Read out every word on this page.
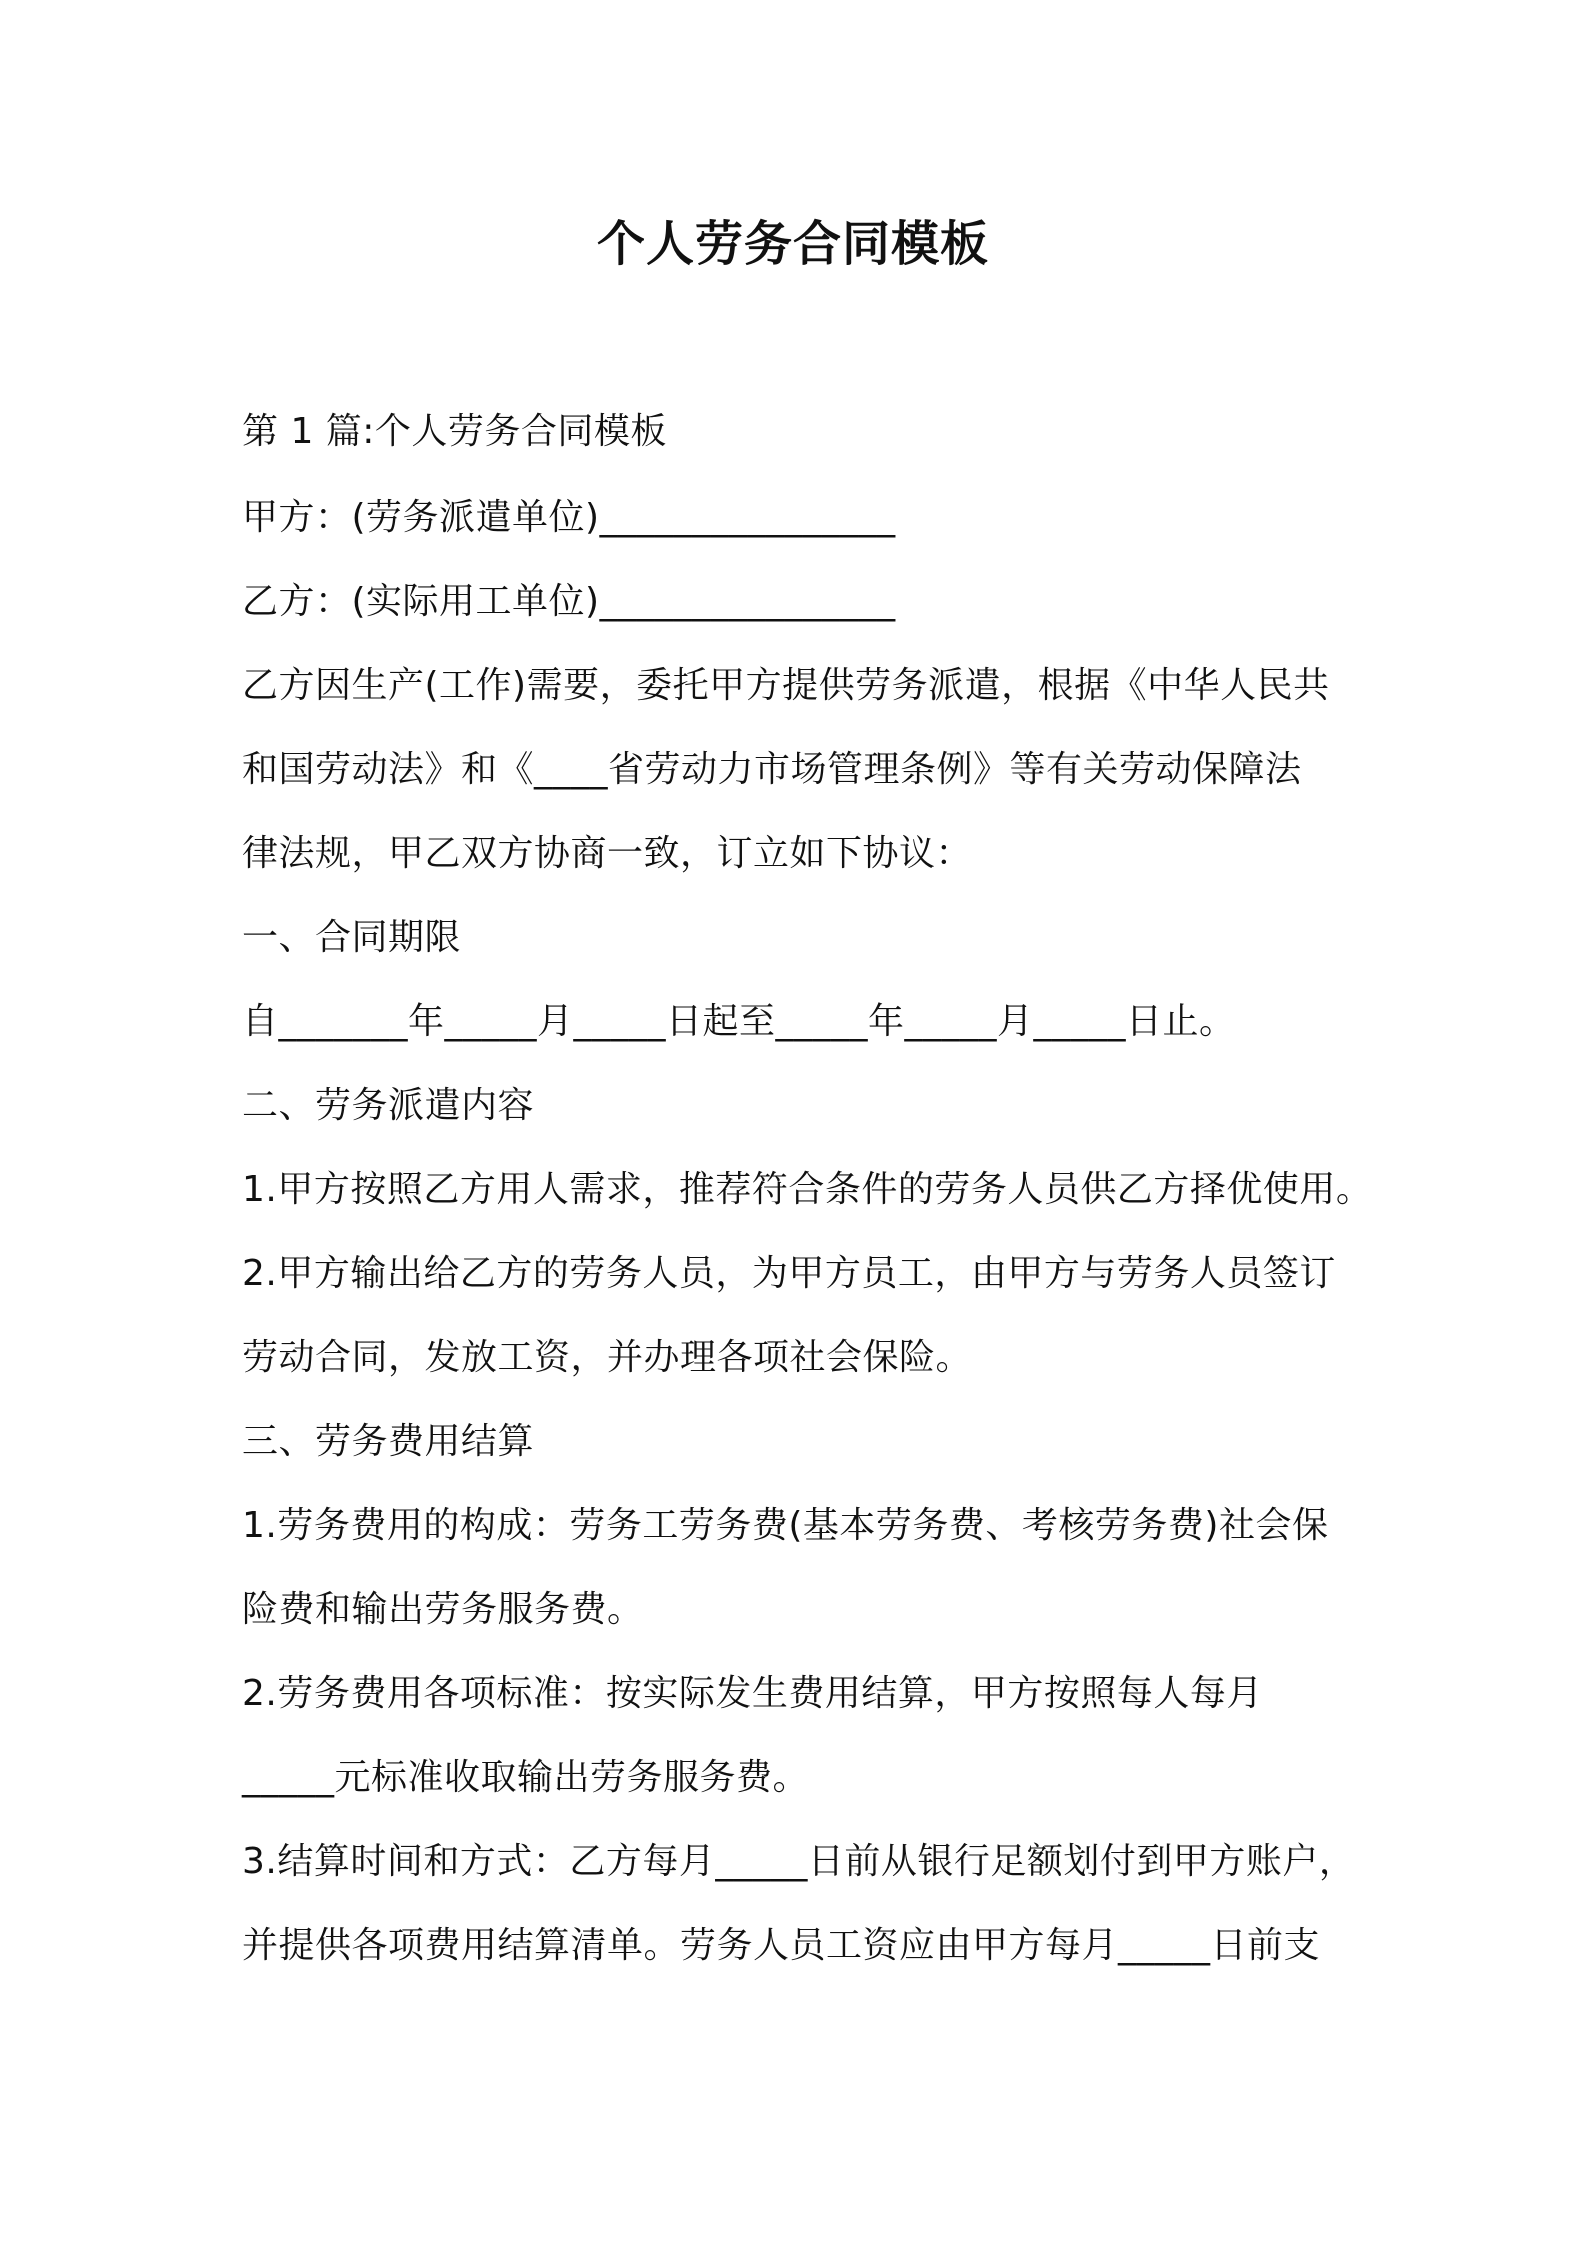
个人劳务合同模板

第 1 篇:个人劳务合同模板

甲方：(劳务派遣单位)________________

乙方：(实际用工单位)________________

乙方因生产(工作)需要，委托甲方提供劳务派遣，根据《中华人民共

和国劳动法》和《____省劳动力市场管理条例》等有关劳动保障法

律法规，甲乙双方协商一致，订立如下协议：

一、合同期限

自_______年_____月_____日起至_____年_____月_____日止。

二、劳务派遣内容

1.甲方按照乙方用人需求，推荐符合条件的劳务人员供乙方择优使用。

2.甲方输出给乙方的劳务人员，为甲方员工，由甲方与劳务人员签订

劳动合同，发放工资，并办理各项社会保险。

三、劳务费用结算

1.劳务费用的构成：劳务工劳务费(基本劳务费、考核劳务费)社会保

险费和输出劳务服务费。

2.劳务费用各项标准：按实际发生费用结算，甲方按照每人每月

_____元标准收取输出劳务服务费。

3.结算时间和方式：乙方每月_____日前从银行足额划付到甲方账户，

并提供各项费用结算清单。劳务人员工资应由甲方每月_____日前支
